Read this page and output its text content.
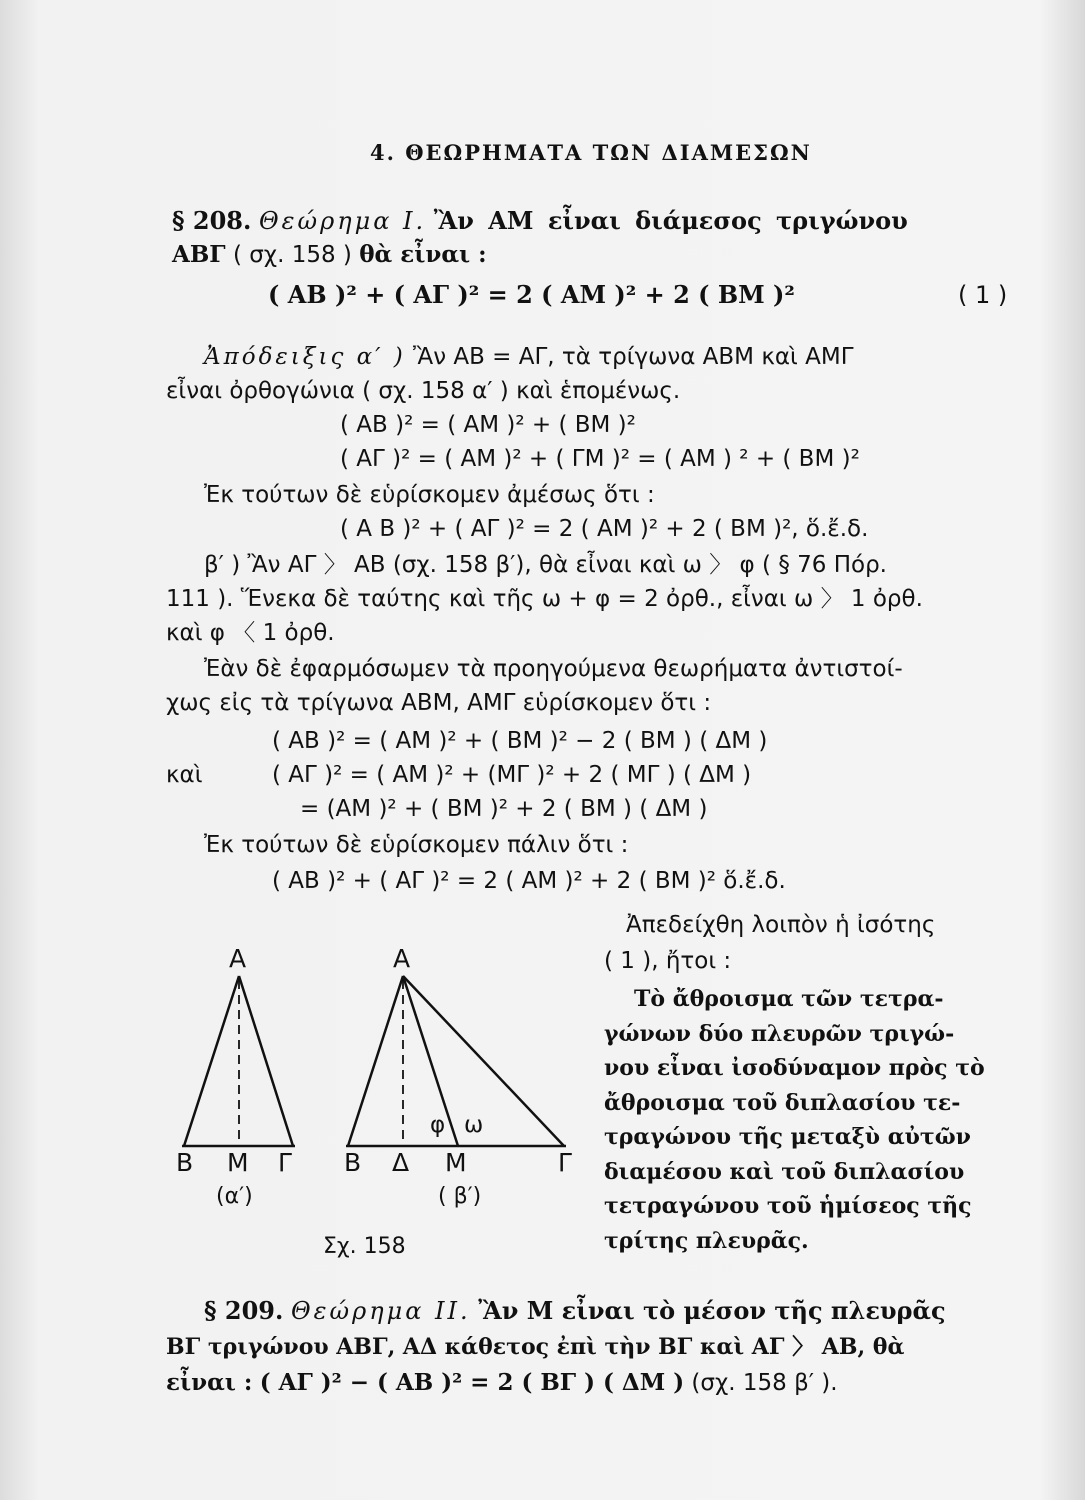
4. ΘΕΩΡΗΜΑΤΑ ΤΩΝ ΔΙΑΜΕΣΩΝ
§ 208. Θεώρημα I. Ἂν ΑΜ εἶναι διάμεσος τριγώνου
ΑΒΓ ( σχ. 158 ) θὰ εἶναι :
( ΑΒ )² + ( ΑΓ )² = 2 ( ΑΜ )² + 2 ( ΒΜ )²	( 1 )
Ἀπόδειξις α′ ) Ἂν ΑΒ = ΑΓ, τὰ τρίγωνα ΑΒΜ καὶ ΑΜΓ
εἶναι ὀρθογώνια ( σχ. 158 α′ ) καὶ ἑπομένως.
( ΑΒ )² = ( ΑΜ )² + ( ΒΜ )²
( ΑΓ )² = ( ΑΜ )² + ( ΓΜ )² = ( ΑΜ ) ² + ( ΒΜ )²
Ἐκ τούτων δὲ εὑρίσκομεν ἀμέσως ὅτι :
( Α Β )² + ( ΑΓ )² = 2 ( ΑΜ )² + 2 ( ΒΜ )², ὅ.ἔ.δ.
β′ ) Ἂν ΑΓ 〉 ΑΒ (σχ. 158 β′), θὰ εἶναι καὶ ω 〉 φ ( § 76 Πόρ.
111 ). Ἕνεκα δὲ ταύτης καὶ τῆς ω + φ = 2 ὀρθ., εἶναι ω 〉 1 ὀρθ.
καὶ φ 〈 1 ὀρθ.
Ἐὰν δὲ ἐφαρμόσωμεν τὰ προηγούμενα θεωρήματα ἀντιστοί-
χως εἰς τὰ τρίγωνα ΑΒΜ, ΑΜΓ εὑρίσκομεν ὅτι :
( ΑΒ )² = ( ΑΜ )² + ( ΒΜ )² − 2 ( ΒΜ ) ( ΔΜ )
καὶ	( ΑΓ )² = ( ΑΜ )² + (ΜΓ )² + 2 ( ΜΓ ) ( ΔΜ )
= (ΑΜ )² + ( ΒΜ )² + 2 ( ΒΜ ) ( ΔΜ )
Ἐκ τούτων δὲ εὑρίσκομεν πάλιν ὅτι :
( ΑΒ )² + ( ΑΓ )² = 2 ( ΑΜ )² + 2 ( ΒΜ )² ὅ.ἔ.δ.
Ἀπεδείχθη λοιπὸν ἡ ἰσότης
( 1 ), ἤτοι :
Τὸ ἄθροισμα τῶν τετρα-
γώνων δύο πλευρῶν τριγώ-
νου εἶναι ἰσοδύναμον πρὸς τὸ
ἄθροισμα τοῦ διπλασίου τε-
τραγώνου τῆς μεταξὺ αὐτῶν
διαμέσου καὶ τοῦ διπλασίου
τετραγώνου τοῦ ἡμίσεος τῆς
τρίτης πλευρᾶς.
Α
Β Μ Γ
(α′)
Α
Β Δ Μ	Γ
φ ω
( β′)
Σχ. 158
§ 209. Θεώρημα II. Ἂν Μ εἶναι τὸ μέσον τῆς πλευρᾶς
ΒΓ τριγώνου ΑΒΓ, ΑΔ κάθετος ἐπὶ τὴν ΒΓ καὶ ΑΓ 〉 ΑΒ, θὰ
εἶναι : ( ΑΓ )² − ( ΑΒ )² = 2 ( ΒΓ ) ( ΔΜ ) (σχ. 158 β′ ).
